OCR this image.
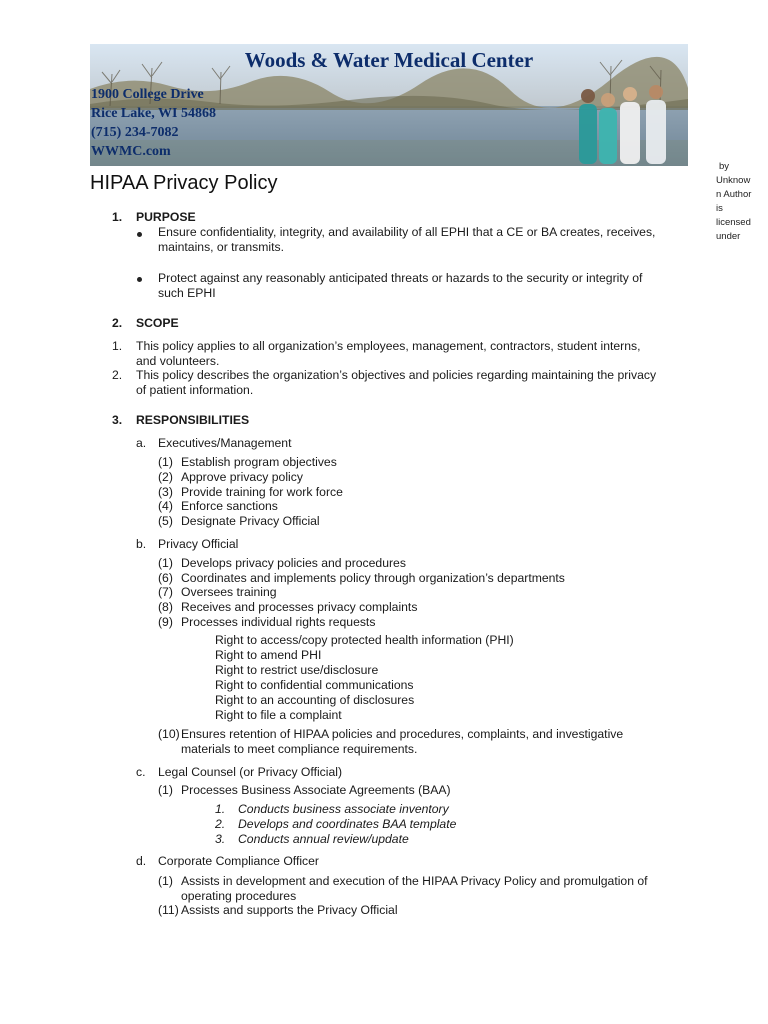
Woods & Water Medical Center
1900 College Drive
Rice Lake, WI 54868
(715) 234-7082
WWMC.com
by
Unknow
n Author
is
licensed
under
HIPAA Privacy Policy
1. PURPOSE
Ensure confidentiality, integrity, and availability of all EPHI that a CE or BA creates, receives,
maintains, or transmits.
Protect against any reasonably anticipated threats or hazards to the security or integrity of
such EPHI
2. SCOPE
1. This policy applies to all organization’s employees, management, contractors, student interns,
and volunteers.
2. This policy describes the organization’s objectives and policies regarding maintaining the privacy
of patient information.
3. RESPONSIBILITIES
a. Executives/Management
(1) Establish program objectives
(2) Approve privacy policy
(3) Provide training for work force
(4) Enforce sanctions
(5) Designate Privacy Official
b. Privacy Official
(1) Develops privacy policies and procedures
(6) Coordinates and implements policy through organization’s departments
(7) Oversees training
(8) Receives and processes privacy complaints
(9) Processes individual rights requests
Right to access/copy protected health information (PHI)
Right to amend PHI
Right to restrict use/disclosure
Right to confidential communications
Right to an accounting of disclosures
Right to file a complaint
(10) Ensures retention of HIPAA policies and procedures, complaints, and investigative
materials to meet compliance requirements.
c. Legal Counsel (or Privacy Official)
(1) Processes Business Associate Agreements (BAA)
1. Conducts business associate inventory
2. Develops and coordinates BAA template
3. Conducts annual review/update
d. Corporate Compliance Officer
(1) Assists in development and execution of the HIPAA Privacy Policy and promulgation of
operating procedures
(11) Assists and supports the Privacy Official
